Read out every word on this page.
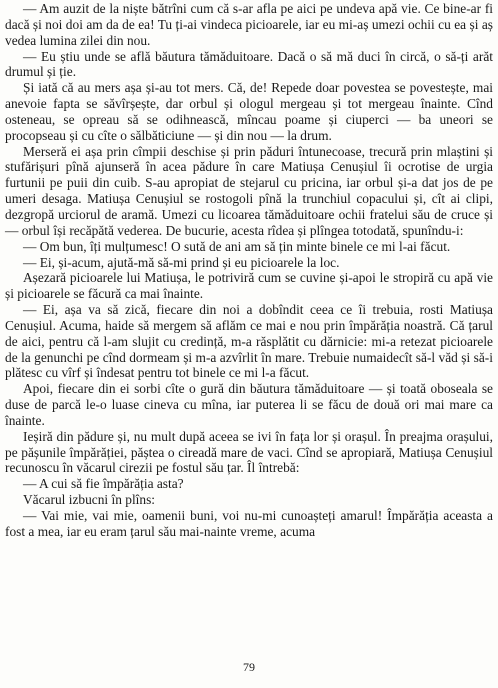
— Am auzit de la niște bătrîni cum că s-ar afla pe aici pe undeva apă vie. Ce bine-ar fi dacă și noi doi am da de ea! Tu ți-ai vindeca picioarele, iar eu mi-aș umezi ochii cu ea și aș vedea lumina zilei din nou.

— Eu știu unde se află băutura tămăduitoare. Dacă o să mă duci în circă, o să-ți arăt drumul și ție.

Și iată că au mers așa și-au tot mers. Că, de! Repede doar povestea se povestește, mai anevoie fapta se săvîrșește, dar orbul și ologul mergeau și tot mergeau înainte. Cînd osteneau, se opreau să se odihnească, mîncau poame și ciuperci — ba uneori se procopseau și cu cîte o sălbăticiune — și din nou — la drum.

Merseră ei așa prin cîmpii deschise și prin păduri întunecoase, trecură prin mlaștini și stufărișuri pînă ajunseră în acea pădure în care Matiușa Cenușiul îi ocrotise de urgia furtunii pe puii din cuib. S-au apropiat de stejarul cu pricina, iar orbul și-a dat jos de pe umeri desaga. Matiușa Cenușiul se rostogoli pînă la trunchiul copacului și, cît ai clipi, dezgropă urciorul de aramă. Umezi cu licoarea tămăduitoare ochii fratelui său de cruce și — orbul își recăpătă vederea. De bucurie, acesta rîdea și plîngea totodată, spunîndu-i:

— Om bun, îți mulțumesc! O sută de ani am să țin minte binele ce mi l-ai făcut.

— Ei, și-acum, ajută-mă să-mi prind și eu picioarele la loc.

Așezară picioarele lui Matiușa, le potriviră cum se cuvine și-apoi le stropiră cu apă vie și picioarele se făcură ca mai înainte.

— Ei, așa va să zică, fiecare din noi a dobîndit ceea ce îi trebuia, rosti Matiușa Cenușiul. Acuma, haide să mergem să aflăm ce mai e nou prin împărăția noastră. Că țarul de aici, pentru că l-am slujit cu credință, m-a răsplătit cu dărnicie: mi-a retezat picioarele de la genunchi pe cînd dormeam și m-a azvîrlit în mare. Trebuie numaidecît să-l văd și să-i plătesc cu vîrf și îndesat pentru tot binele ce mi l-a făcut.

Apoi, fiecare din ei sorbi cîte o gură din băutura tămăduitoare — și toată oboseala se duse de parcă le-o luase cineva cu mîna, iar puterea li se făcu de două ori mai mare ca înainte.

Ieșiră din pădure și, nu mult după aceea se ivi în fața lor și orașul. În preajma orașului, pe pășunile împărăției, păștea o cireadă mare de vaci. Cînd se apropiară, Matiușa Cenușiul recunoscu în văcarul cirezii pe fostul său țar. Îl întrebă:

— A cui să fie împărăția asta?

Văcarul izbucni în plîns:

— Vai mie, vai mie, oamenii buni, voi nu-mi cunoașteți amarul! Împărăția aceasta a fost a mea, iar eu eram țarul său mai-nainte vreme, acuma

79
